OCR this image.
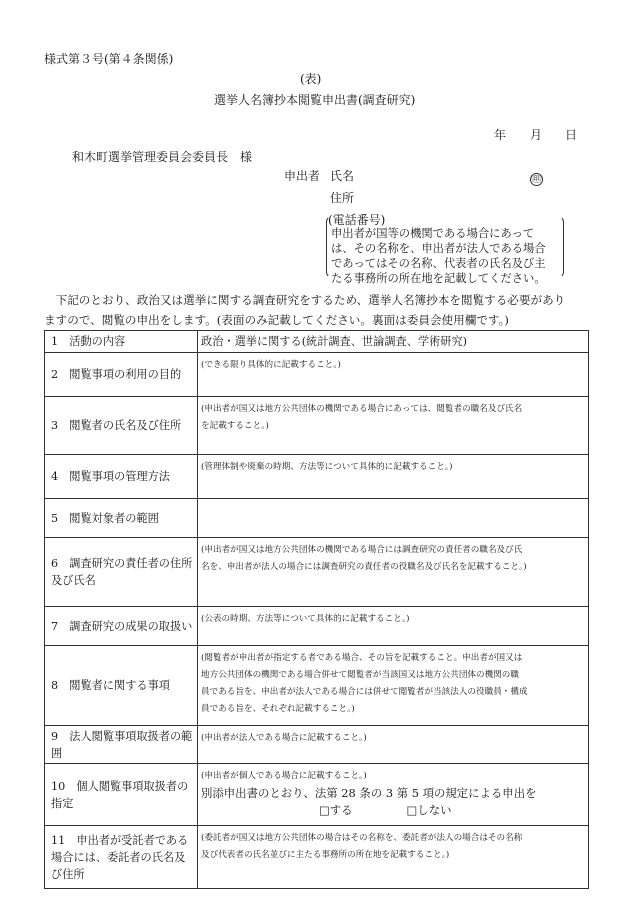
様式第３号(第４条関係)
(表)
選挙人名簿抄本閲覧申出書(調査研究)
年 月 日
和木町選挙管理委員会委員長　様
申出者 氏名	㊞
住所
(電話番号)
申出者が国等の機関である場合にあって
は、その名称を、申出者が法人である場合
であってはその名称、代表者の氏名及び主
たる事務所の所在地を記載してください。
　下記のとおり、政治又は選挙に関する調査研究をするため、選挙人名簿抄本を閲覧する必要があり
ますので、閲覧の申出をします。(表面のみ記載してください。裏面は委員会使用欄です。)
1　活動の内容	政治・選挙に関する(統計調査、世論調査、学術研究)
2　閲覧事項の利用の目的	(できる限り具体的に記載すること。)

3　閲覧者の氏名及び住所	(申出者が国又は地方公共団体の機関である場合にあっては、閲覧者の職名及び氏名
を記載すること。)

4　閲覧事項の管理方法	(管理体制や廃棄の時期、方法等について具体的に記載すること。)

5　閲覧対象者の範囲	
6　調査研究の責任者の住所及び氏名	(申出者が国又は地方公共団体の機関である場合には調査研究の責任者の職名及び氏
名を、申出者が法人の場合には調査研究の責任者の役職名及び氏名を記載すること。)

7　調査研究の成果の取扱い	(公表の時期、方法等について具体的に記載すること。)

8　閲覧者に関する事項	(閲覧者が申出者が指定する者である場合、その旨を記載すること。申出者が国又は
地方公共団体の機関である場合併せて閲覧者が当該国又は地方公共団体の機関の職
員である旨を、申出者が法人である場合には併せて閲覧者が当該法人の役職員・構成
員である旨を、それぞれ記載すること。)

9　法人閲覧事項取扱者の範囲	(申出者が法人である場合に記載すること。)

10　個人閲覧事項取扱者の指定	(申出者が個人である場合に記載すること。)
別添申出書のとおり、法第 28 条の 3 第 5 項の規定による申出を
□する □しない

11　申出者が受託者である場合には、委託者の氏名及び住所	(委託者が国又は地方公共団体の場合はその名称を、委託者が法人の場合はその名称
及び代表者の氏名並びに主たる事務所の所在地を記載すること。)
